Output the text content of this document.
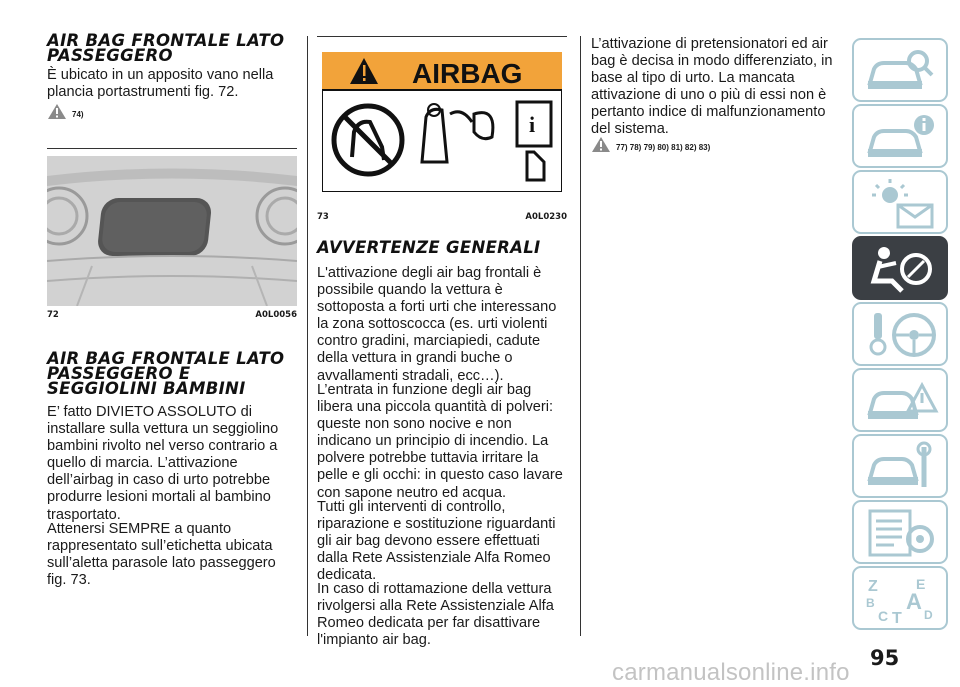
AIR BAG FRONTALE LATO PASSEGGERO

È ubicato in un apposito vano nella plancia portastrumenti fig. 72.

74)
72	A0L0056
AIR BAG FRONTALE LATO PASSEGGERO E SEGGIOLINI BAMBINI

E’ fatto DIVIETO ASSOLUTO di installare sulla vettura un seggiolino bambini rivolto nel verso contrario a quello di marcia. L’attivazione dell’airbag in caso di urto potrebbe produrre lesioni mortali al bambino trasportato.

Attenersi SEMPRE a quanto rappresentato sull’etichetta ubicata sull’aletta parasole lato passeggero fig. 73.

AIRBAG
i
73	A0L0230
AVVERTENZE GENERALI

L'attivazione degli air bag frontali è possibile quando la vettura è sottoposta a forti urti che interessano la zona sottoscocca (es. urti violenti contro gradini, marciapiedi, cadute della vettura in grandi buche o avvallamenti stradali, ecc…).

L’entrata in funzione degli air bag libera una piccola quantità di polveri: queste non sono nocive e non indicano un principio di incendio. La polvere potrebbe tuttavia irritare la pelle e gli occhi: in questo caso lavare con sapone neutro ed acqua.

Tutti gli interventi di controllo, riparazione e sostituzione riguardanti gli air bag devono essere effettuati dalla Rete Assistenziale Alfa Romeo dedicata.

In caso di rottamazione della vettura rivolgersi alla Rete Assistenziale Alfa Romeo dedicata per far disattivare l'impianto air bag.

L’attivazione di pretensionatori ed air bag è decisa in modo differenziato, in base al tipo di urto. La mancata attivazione di uno o più di essi non è pertanto indice di malfunzionamento del sistema.

77) 78) 79) 80) 81) 82) 83)
Z	E
B A
C T D
95
carmanualsonline.info
